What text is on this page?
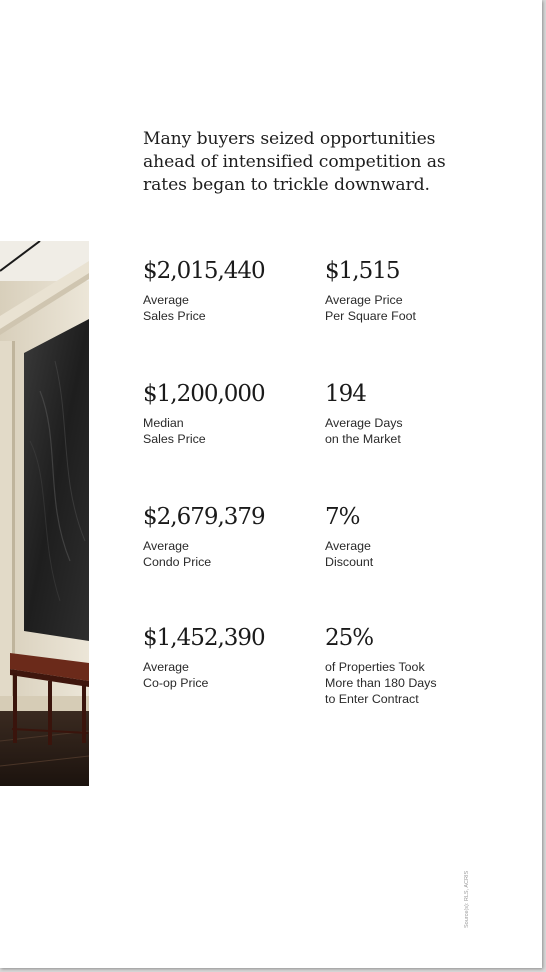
Many buyers seized opportunities
ahead of intensified competition as
rates began to trickle downward.
$2,015,440
Average
Sales Price
$1,515
Average Price
Per Square Foot
$1,200,000
Median
Sales Price
194
Average Days
on the Market
$2,679,379
Average
Condo Price
7%
Average
Discount
$1,452,390
Average
Co-op Price
25%
of Properties Took
More than 180 Days
to Enter Contract
Source(s): RLS, ACRIS
